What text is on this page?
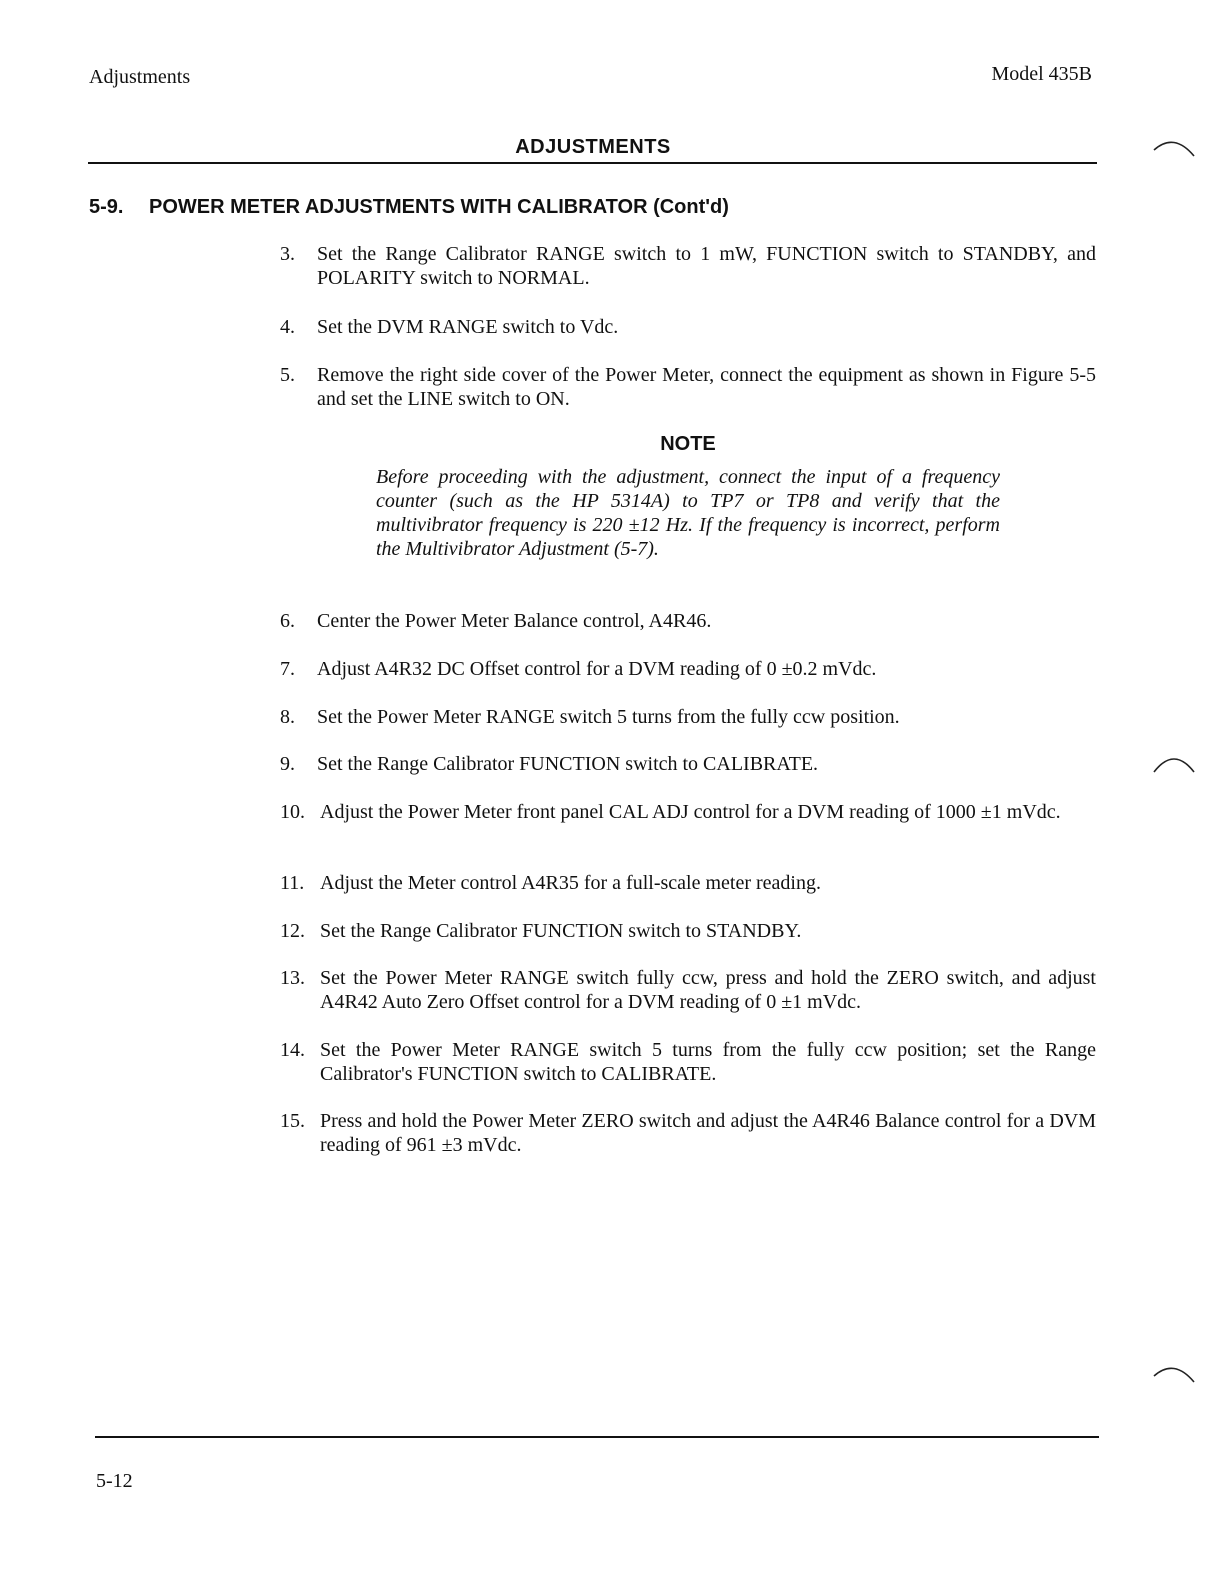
Adjustments	Model 435B
ADJUSTMENTS
5-9. POWER METER ADJUSTMENTS WITH CALIBRATOR (Cont'd)
3. Set the Range Calibrator RANGE switch to 1 mW, FUNCTION switch to STANDBY, and POLARITY switch to NORMAL.
4. Set the DVM RANGE switch to Vdc.
5. Remove the right side cover of the Power Meter, connect the equipment as shown in Figure 5-5 and set the LINE switch to ON.
NOTE
Before proceeding with the adjustment, connect the input of a frequency counter (such as the HP 5314A) to TP7 or TP8 and verify that the multivibrator frequency is 220 ±12 Hz. If the frequency is incorrect, perform the Multivibrator Adjustment (5-7).
6. Center the Power Meter Balance control, A4R46.
7. Adjust A4R32 DC Offset control for a DVM reading of 0 ±0.2 mVdc.
8. Set the Power Meter RANGE switch 5 turns from the fully ccw position.
9. Set the Range Calibrator FUNCTION switch to CALIBRATE.
10. Adjust the Power Meter front panel CAL ADJ control for a DVM reading of 1000 ±1 mVdc.
11. Adjust the Meter control A4R35 for a full-scale meter reading.
12. Set the Range Calibrator FUNCTION switch to STANDBY.
13. Set the Power Meter RANGE switch fully ccw, press and hold the ZERO switch, and adjust A4R42 Auto Zero Offset control for a DVM reading of 0 ±1 mVdc.
14. Set the Power Meter RANGE switch 5 turns from the fully ccw position; set the Range Calibrator's FUNCTION switch to CALIBRATE.
15. Press and hold the Power Meter ZERO switch and adjust the A4R46 Balance control for a DVM reading of 961 ±3 mVdc.
5-12
